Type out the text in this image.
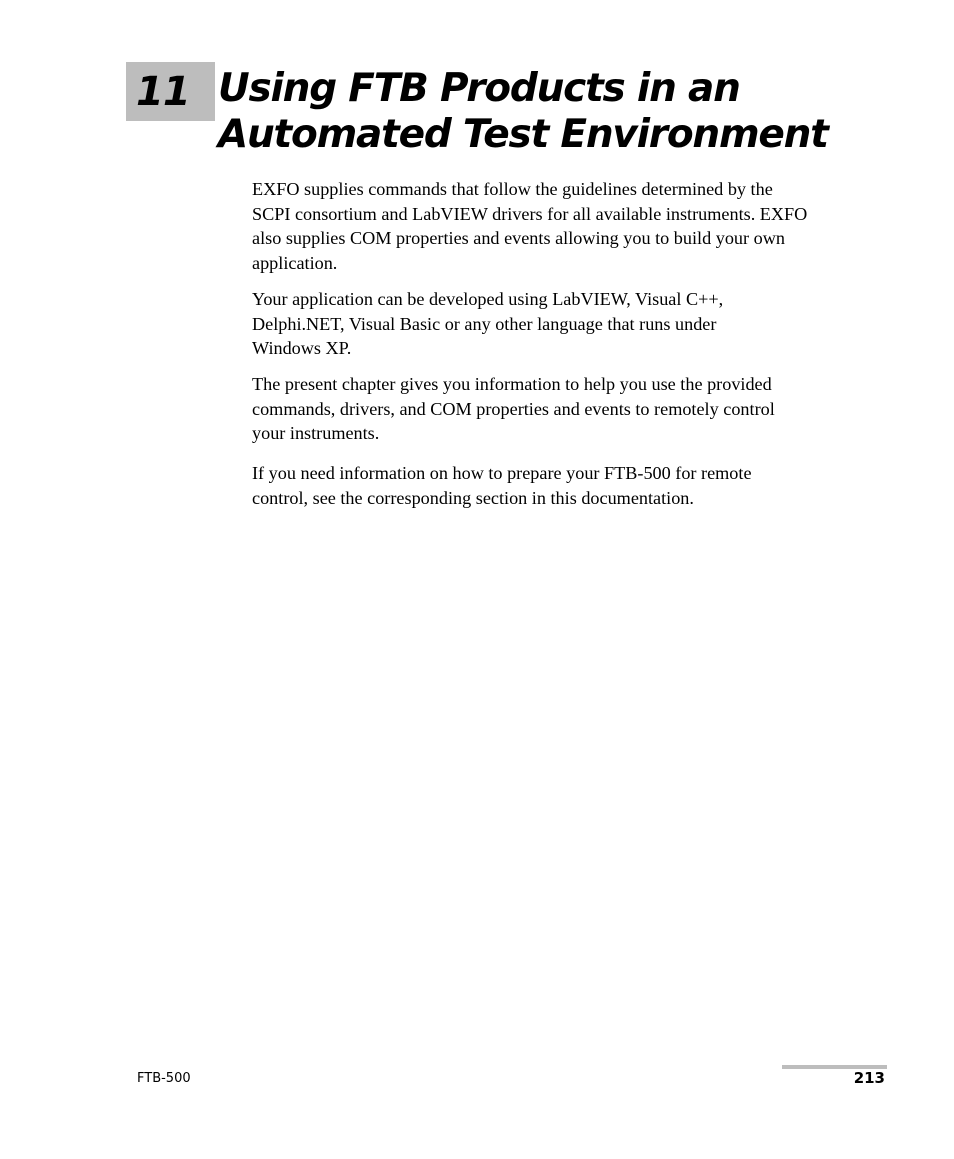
11 Using FTB Products in an
Automated Test Environment

EXFO supplies commands that follow the guidelines determined by the
SCPI consortium and LabVIEW drivers for all available instruments. EXFO
also supplies COM properties and events allowing you to build your own
application.

Your application can be developed using LabVIEW, Visual C++,
Delphi.NET, Visual Basic or any other language that runs under
Windows XP.

The present chapter gives you information to help you use the provided
commands, drivers, and COM properties and events to remotely control
your instruments.

If you need information on how to prepare your FTB-500 for remote
control, see the corresponding section in this documentation.

FTB-500	213
